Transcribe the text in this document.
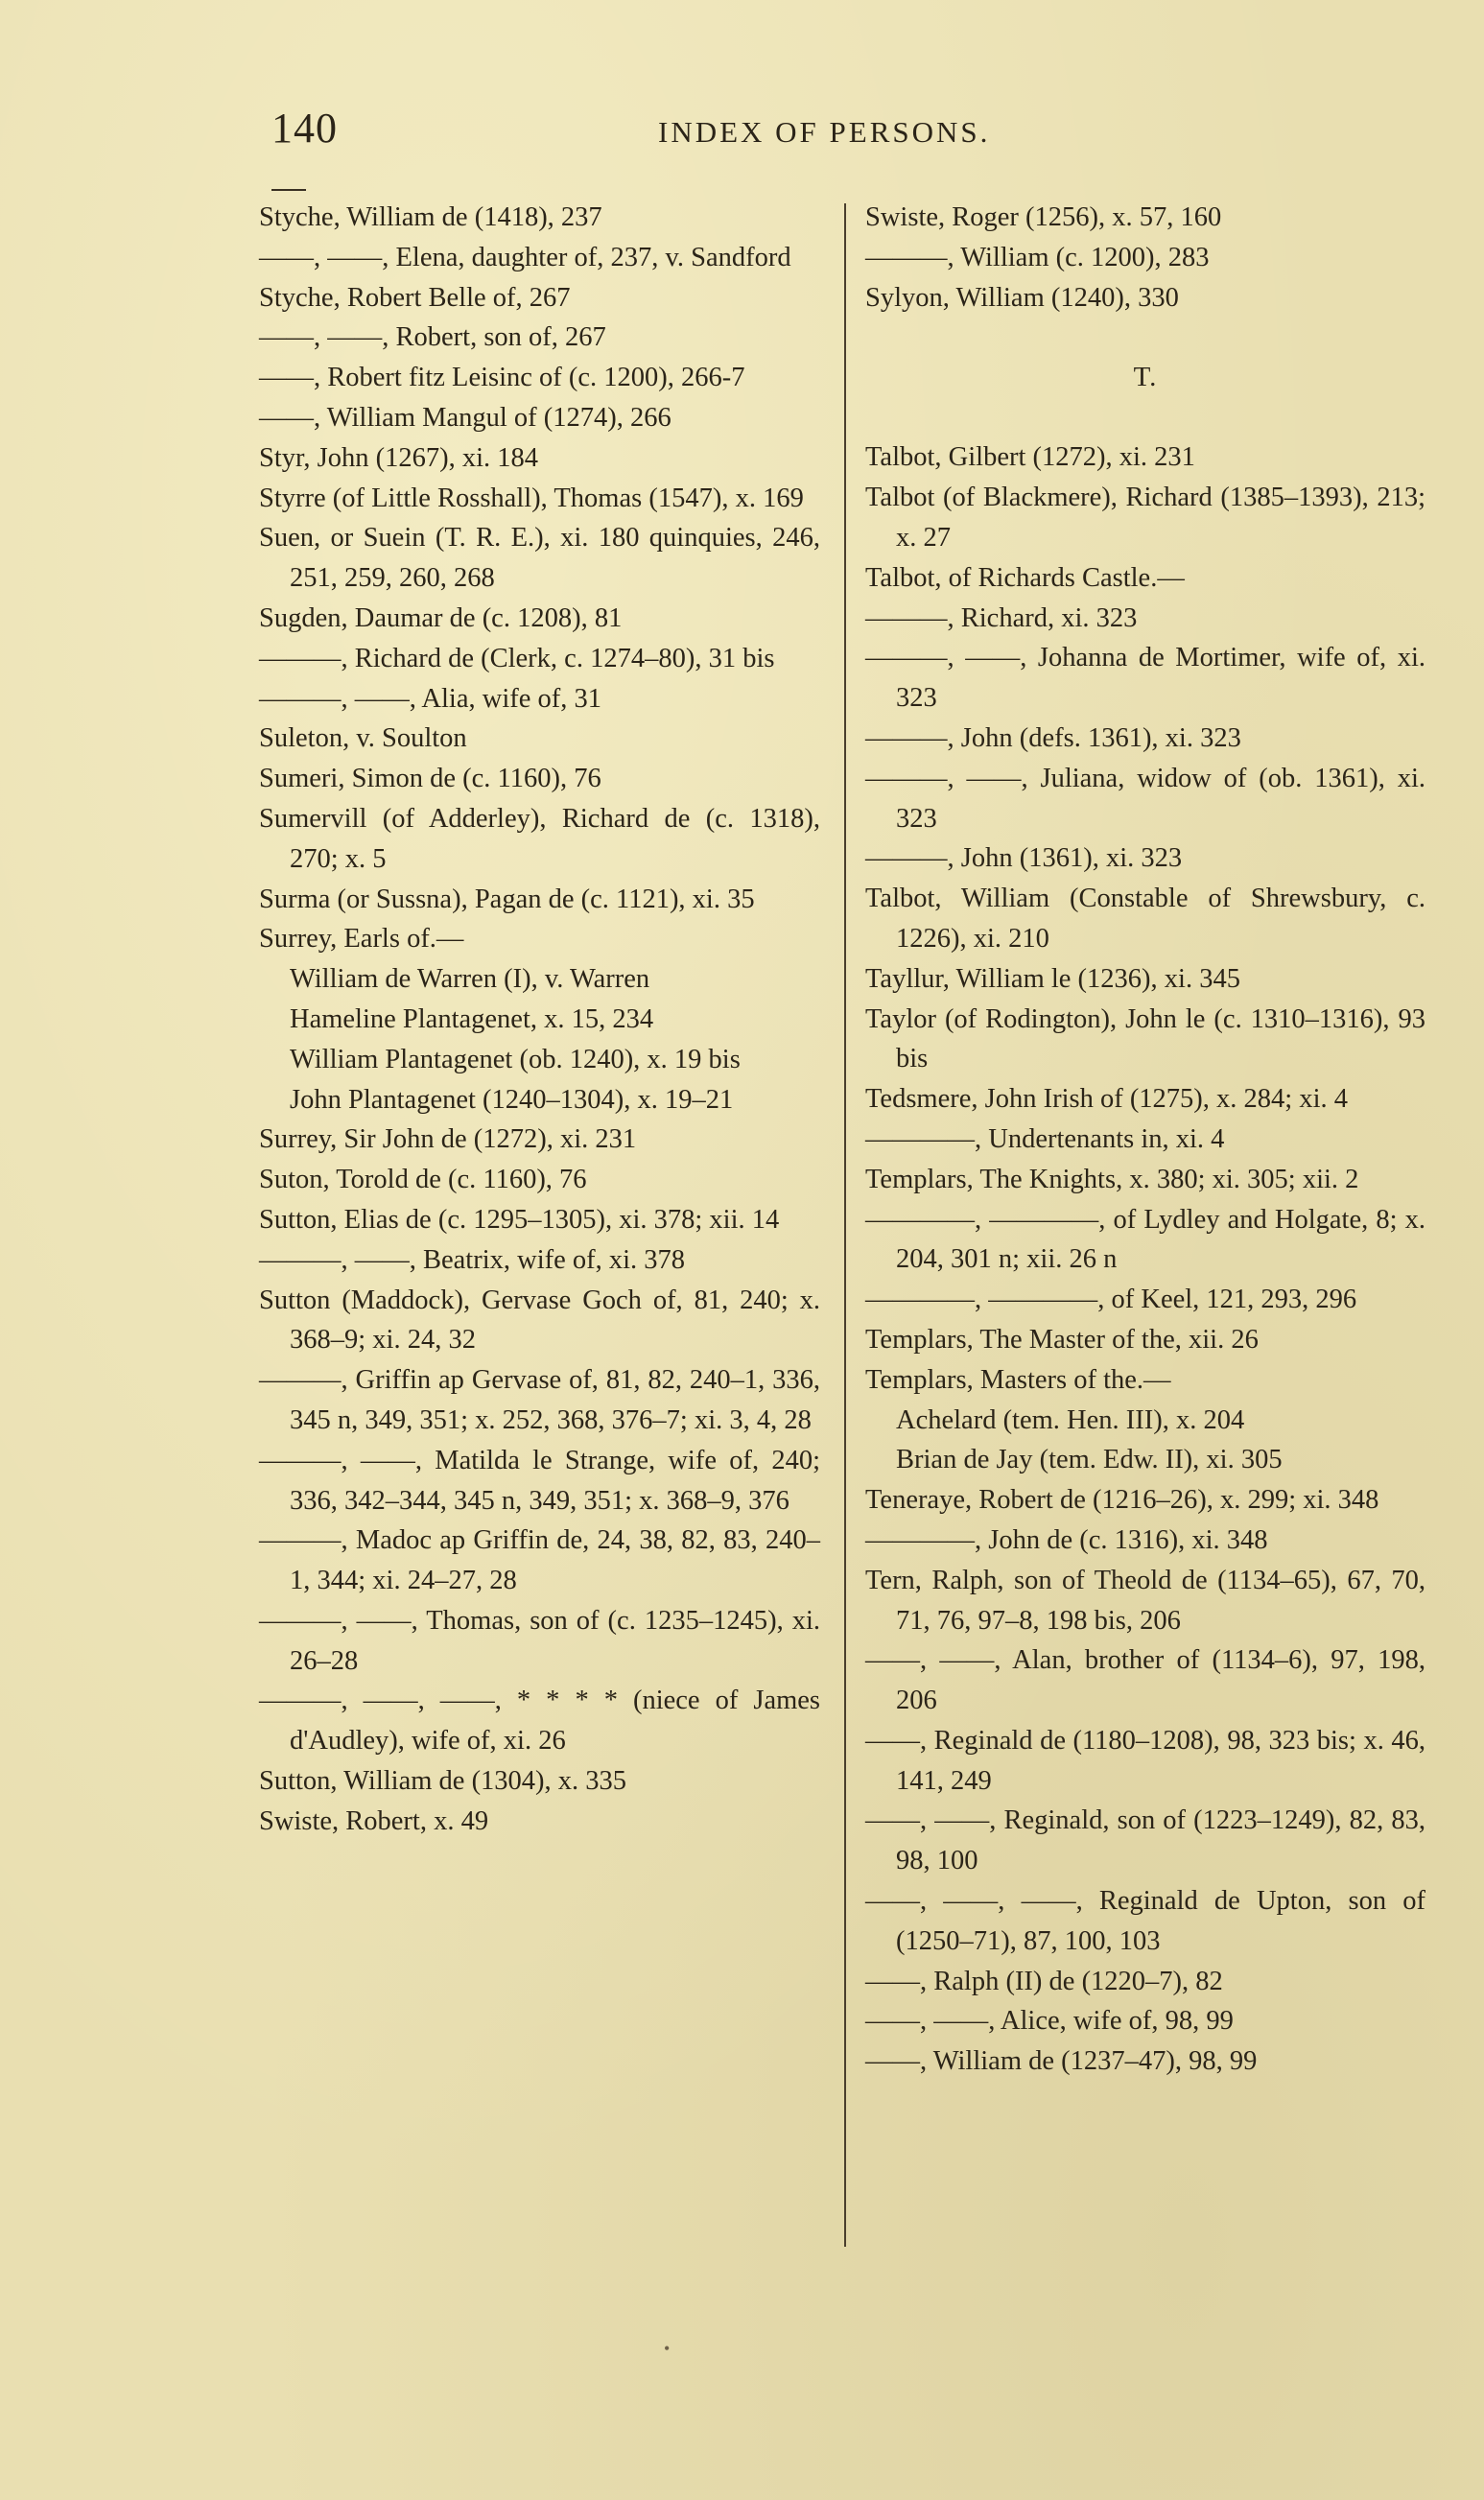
140	INDEX OF PERSONS.

Styche, William de (1418), 237

——, ——, Elena, daughter of, 237, v. Sandford

Styche, Robert Belle of, 267

——, ——, Robert, son of, 267

——, Robert fitz Leisinc of (c. 1200), 266-7

——, William Mangul of (1274), 266

Styr, John (1267), xi. 184

Styrre (of Little Rosshall), Thomas (1547), x. 169

Suen, or Suein (T. R. E.), xi. 180 quinquies, 246, 251, 259, 260, 268

Sugden, Daumar de (c. 1208), 81

———, Richard de (Clerk, c. 1274–80), 31 bis

———, ——, Alia, wife of, 31

Suleton, v. Soulton

Sumeri, Simon de (c. 1160), 76

Sumervill (of Adderley), Richard de (c. 1318), 270; x. 5

Surma (or Sussna), Pagan de (c. 1121), xi. 35

Surrey, Earls of.—

William de Warren (I), v. Warren

Hameline Plantagenet, x. 15, 234

William Plantagenet (ob. 1240), x. 19 bis

John Plantagenet (1240–1304), x. 19–21

Surrey, Sir John de (1272), xi. 231

Suton, Torold de (c. 1160), 76

Sutton, Elias de (c. 1295–1305), xi. 378; xii. 14

———, ——, Beatrix, wife of, xi. 378

Sutton (Maddock), Gervase Goch of, 81, 240; x. 368–9; xi. 24, 32

———, Griffin ap Gervase of, 81, 82, 240–1, 336, 345 n, 349, 351; x. 252, 368, 376–7; xi. 3, 4, 28

———, ——, Matilda le Strange, wife of, 240; 336, 342–344, 345 n, 349, 351; x. 368–9, 376

———, Madoc ap Griffin de, 24, 38, 82, 83, 240–1, 344; xi. 24–27, 28

———, ——, Thomas, son of (c. 1235–1245), xi. 26–28

———, ——, ——, * * * * (niece of James d'Audley), wife of, xi. 26

Sutton, William de (1304), x. 335

Swiste, Robert, x. 49

Swiste, Roger (1256), x. 57, 160

———, William (c. 1200), 283

Sylyon, William (1240), 330

T.

Talbot, Gilbert (1272), xi. 231

Talbot (of Blackmere), Richard (1385–1393), 213; x. 27

Talbot, of Richards Castle.—

———, Richard, xi. 323

———, ——, Johanna de Mortimer, wife of, xi. 323

———, John (defs. 1361), xi. 323

———, ——, Juliana, widow of (ob. 1361), xi. 323

———, John (1361), xi. 323

Talbot, William (Constable of Shrewsbury, c. 1226), xi. 210

Tayllur, William le (1236), xi. 345

Taylor (of Rodington), John le (c. 1310–1316), 93 bis

Tedsmere, John Irish of (1275), x. 284; xi. 4

————, Undertenants in, xi. 4

Templars, The Knights, x. 380; xi. 305; xii. 2

————, ————, of Lydley and Holgate, 8; x. 204, 301 n; xii. 26 n

————, ————, of Keel, 121, 293, 296

Templars, The Master of the, xii. 26

Templars, Masters of the.—

Achelard (tem. Hen. III), x. 204

Brian de Jay (tem. Edw. II), xi. 305

Teneraye, Robert de (1216–26), x. 299; xi. 348

————, John de (c. 1316), xi. 348

Tern, Ralph, son of Theold de (1134–65), 67, 70, 71, 76, 97–8, 198 bis, 206

——, ——, Alan, brother of (1134–6), 97, 198, 206

——, Reginald de (1180–1208), 98, 323 bis; x. 46, 141, 249

——, ——, Reginald, son of (1223–1249), 82, 83, 98, 100

——, ——, ——, Reginald de Upton, son of (1250–71), 87, 100, 103

——, Ralph (II) de (1220–7), 82

——, ——, Alice, wife of, 98, 99

——, William de (1237–47), 98, 99

•
